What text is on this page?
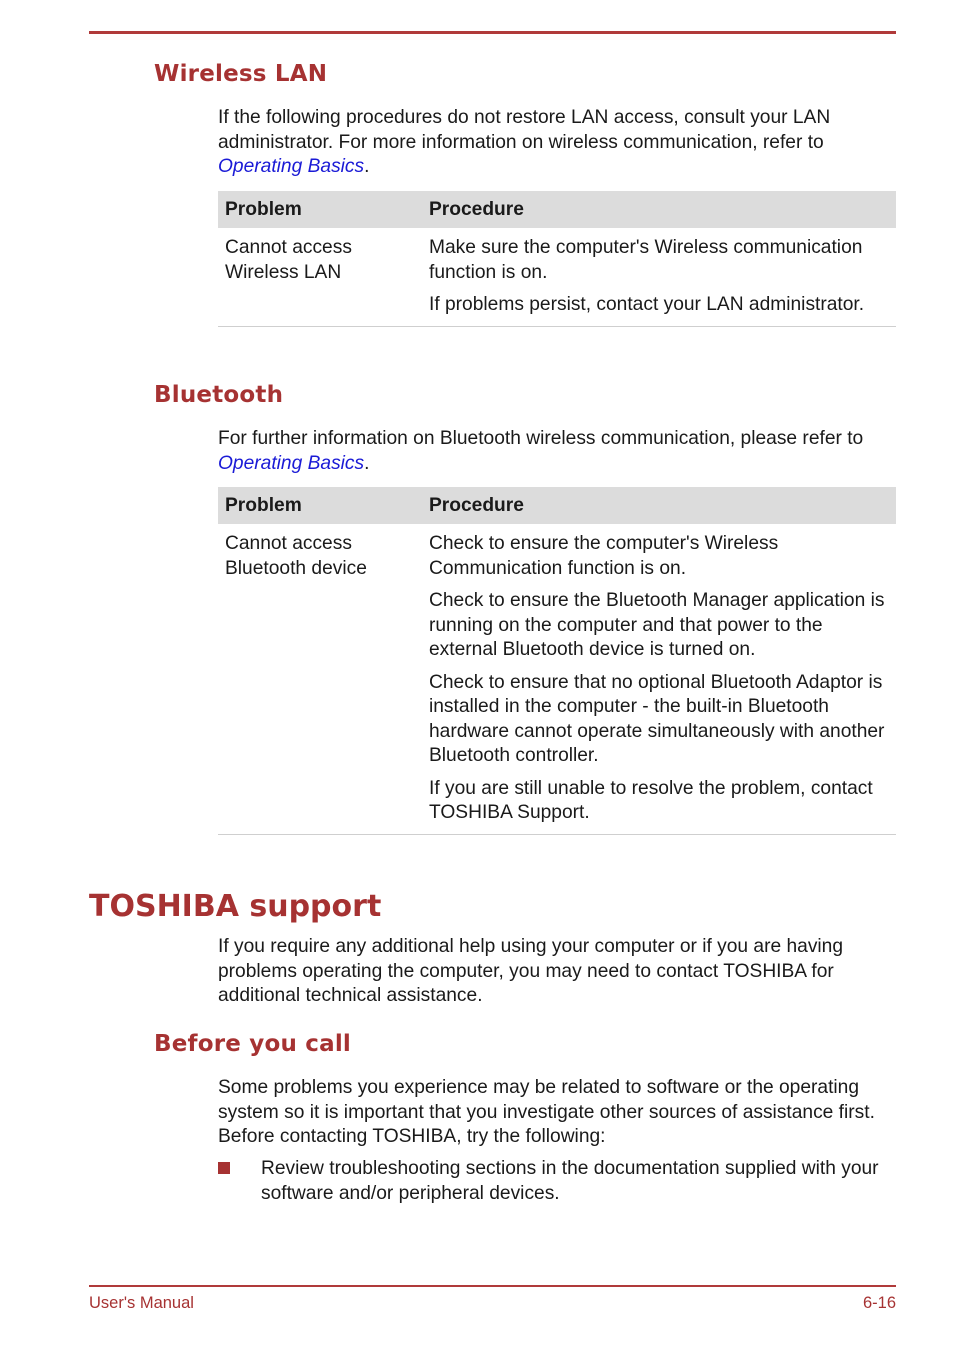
Wireless LAN

If the following procedures do not restore LAN access, consult your LAN administrator. For more information on wireless communication, refer to Operating Basics.

Problem	Procedure
Cannot access Wireless LAN	Make sure the computer's Wireless communication function is on.

If problems persist, contact your LAN administrator.

Bluetooth

For further information on Bluetooth wireless communication, please refer to Operating Basics.

Problem	Procedure
Cannot access Bluetooth device	Check to ensure the computer's Wireless Communication function is on.

Check to ensure the Bluetooth Manager application is running on the computer and that power to the external Bluetooth device is turned on.

Check to ensure that no optional Bluetooth Adaptor is installed in the computer - the built-in Bluetooth hardware cannot operate simultaneously with another Bluetooth controller.

If you are still unable to resolve the problem, contact TOSHIBA Support.

TOSHIBA support

If you require any additional help using your computer or if you are having problems operating the computer, you may need to contact TOSHIBA for additional technical assistance.

Before you call

Some problems you experience may be related to software or the operating system so it is important that you investigate other sources of assistance first. Before contacting TOSHIBA, try the following:

Review troubleshooting sections in the documentation supplied with your software and/or peripheral devices.
User's Manual	6-16
